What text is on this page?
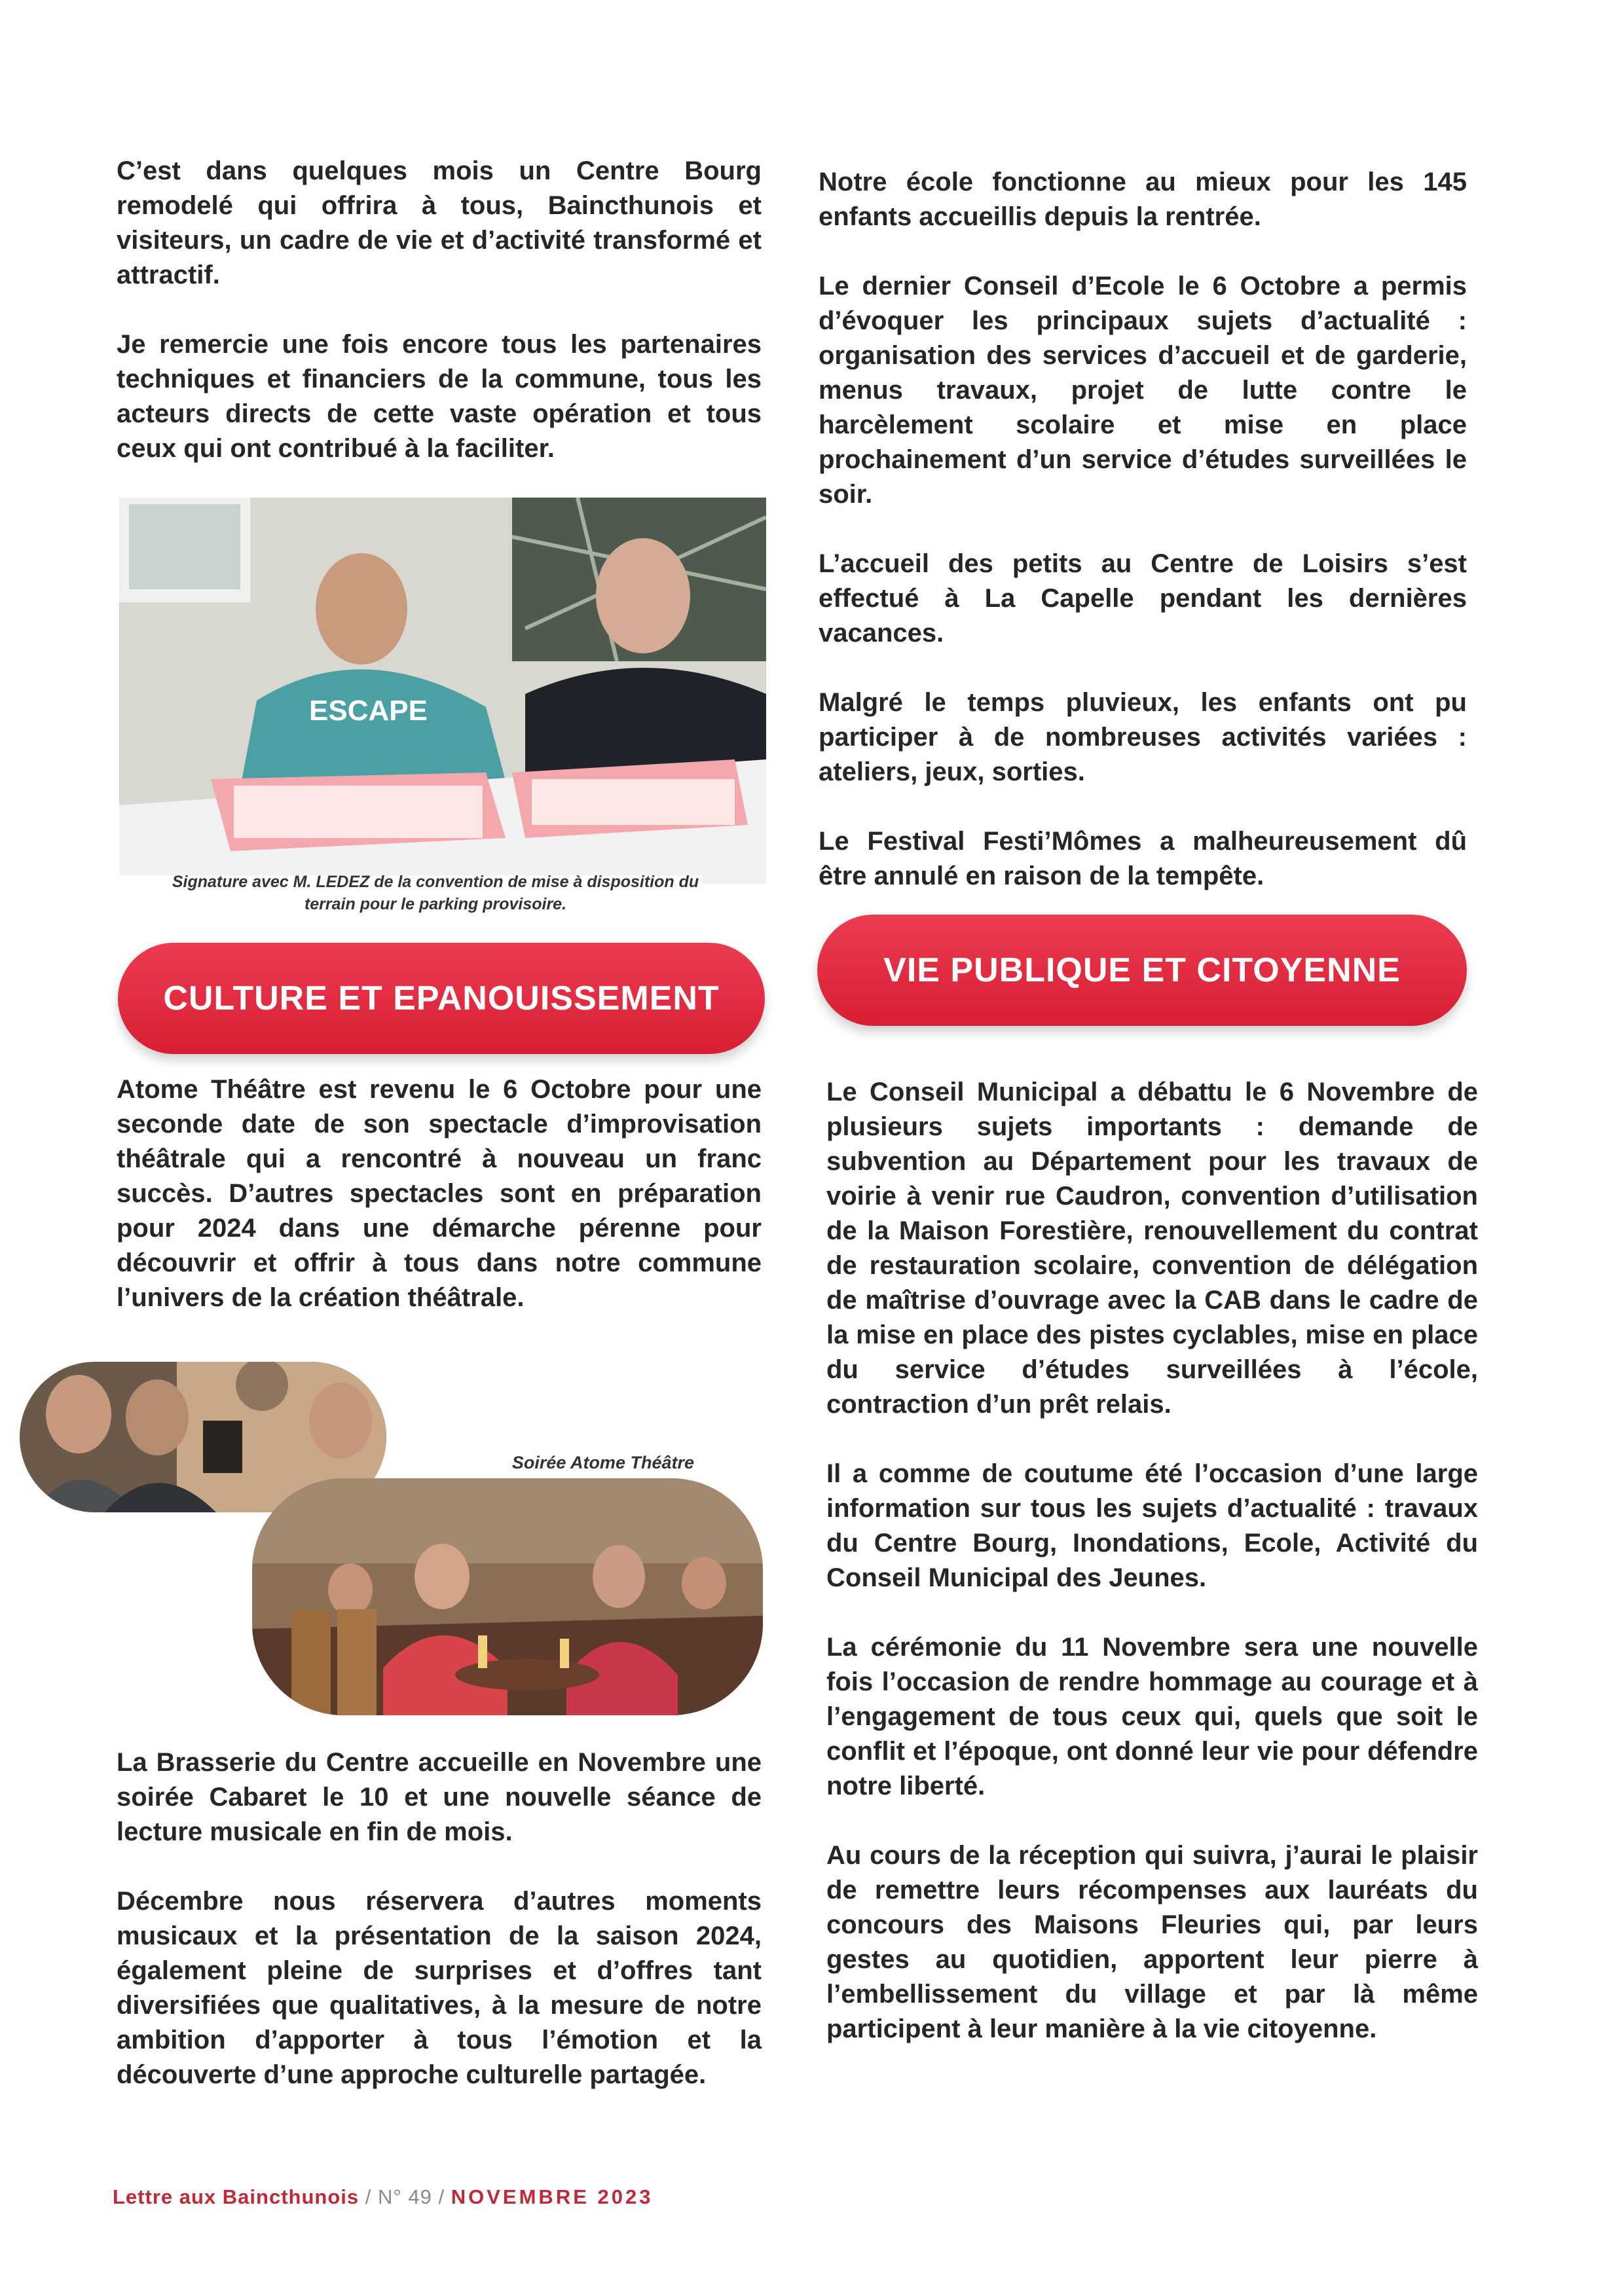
C’est dans quelques mois un Centre Bourg remodelé qui offrira à tous, Baincthunois et visiteurs, un cadre de vie et d’activité transformé et attractif.

Je remercie une fois encore tous les partenaires techniques et financiers de la commune, tous les acteurs directs de cette vaste opération et tous ceux qui ont contribué à la faciliter.

ESCAPE
Signature avec M. LEDEZ de la convention de mise à disposition du terrain pour le parking provisoire.
CULTURE ET EPANOUISSEMENT

Atome Théâtre est revenu le 6 Octobre pour une seconde date de son spectacle d’improvisation théâtrale qui a rencontré à nouveau un franc succès. D’autres spectacles sont en préparation pour 2024 dans une démarche pérenne pour découvrir et offrir à tous dans notre commune l’univers de la création théâtrale.

Soirée Atome Théâtre

La Brasserie du Centre accueille en Novembre une soirée Cabaret le 10 et une nouvelle séance de lecture musicale en fin de mois.

Décembre nous réservera d’autres moments musicaux et la présentation de la saison 2024, également pleine de surprises et d’offres tant diversifiées que qualitatives, à la mesure de notre ambition d’apporter à tous l’émotion et la découverte d’une approche culturelle partagée.

Notre école fonctionne au mieux pour les 145 enfants accueillis depuis la rentrée.

Le dernier Conseil d’Ecole le 6 Octobre a permis d’évoquer les principaux sujets d’actualité : organisation des services d’accueil et de garderie, menus travaux, projet de lutte contre le harcèlement scolaire et mise en place prochainement d’un service d’études surveillées le soir.

L’accueil des petits au Centre de Loisirs s’est effectué à La Capelle pendant les dernières vacances.

Malgré le temps pluvieux, les enfants ont pu participer à de nombreuses activités variées : ateliers, jeux, sorties.

Le Festival Festi’Mômes a malheureusement dû être annulé en raison de la tempête.

VIE PUBLIQUE ET CITOYENNE

Le Conseil Municipal a débattu le 6 Novembre de plusieurs sujets importants : demande de subvention au Département pour les travaux de voirie à venir rue Caudron, convention d’utilisation de la Maison Forestière, renouvellement du contrat de restauration scolaire, convention de délégation de maîtrise d’ouvrage avec la CAB dans le cadre de la mise en place des pistes cyclables, mise en place du service d’études surveillées à l’école, contraction d’un prêt relais.

Il a comme de coutume été l’occasion d’une large information sur tous les sujets d’actualité : travaux du Centre Bourg, Inondations, Ecole, Activité du Conseil Municipal des Jeunes.

La cérémonie du 11 Novembre sera une nouvelle fois l’occasion de rendre hommage au courage et à l’engagement de tous ceux qui, quels que soit le conflit et l’époque, ont donné leur vie pour défendre notre liberté.

Au cours de la réception qui suivra, j’aurai le plaisir de remettre leurs récompenses aux lauréats du concours des Maisons Fleuries qui, par leurs gestes au quotidien, apportent leur pierre à l’embellissement du village et par là même participent à leur manière à la vie citoyenne.

Lettre aux Baincthunois / N° 49 / NOVEMBRE 2023
